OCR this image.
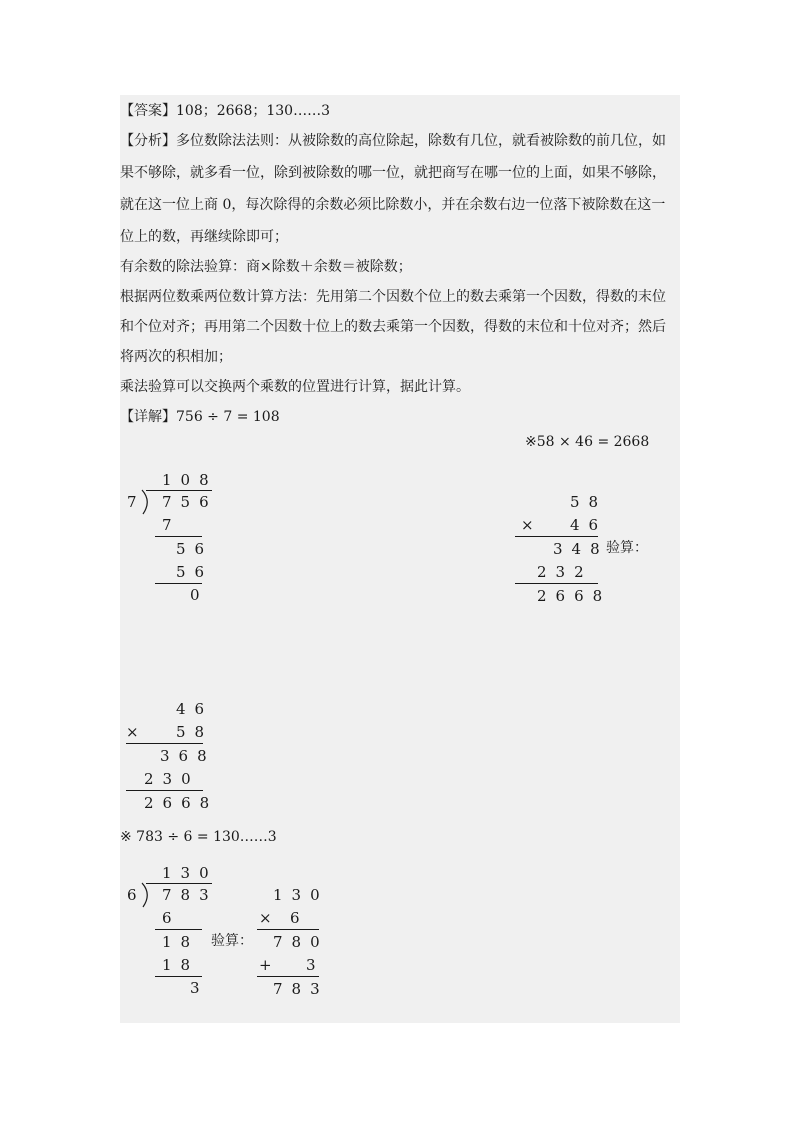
【答案】108；2668；130……3
【分析】多位数除法法则：从被除数的高位除起，除数有几位，就看被除数的前几位，如
果不够除，就多看一位，除到被除数的哪一位，就把商写在哪一位的上面，如果不够除，
就在这一位上商 0，每次除得的余数必须比除数小，并在余数右边一位落下被除数在这一
位上的数，再继续除即可；
有余数的除法验算：商×除数＋余数＝被除数；
根据两位数乘两位数计算方法：先用第二个因数个位上的数去乘第一个因数，得数的末位
和个位对齐；再用第二个因数十位上的数去乘第一个因数，得数的末位和十位对齐；然后
将两次的积相加；
乘法验算可以交换两个乘数的位置进行计算，据此计算。
【详解】756 ÷ 7 = 108
※58 × 46 = 2668
※ 783 ÷ 6 = 130……3
108
7 756
7
56
56
0
58
× 46
348
验算：
232
2668
46
× 58
368
230
2668
130
6 783
6
18 验算：
18
3
130
× 6
780
+ 3
783
